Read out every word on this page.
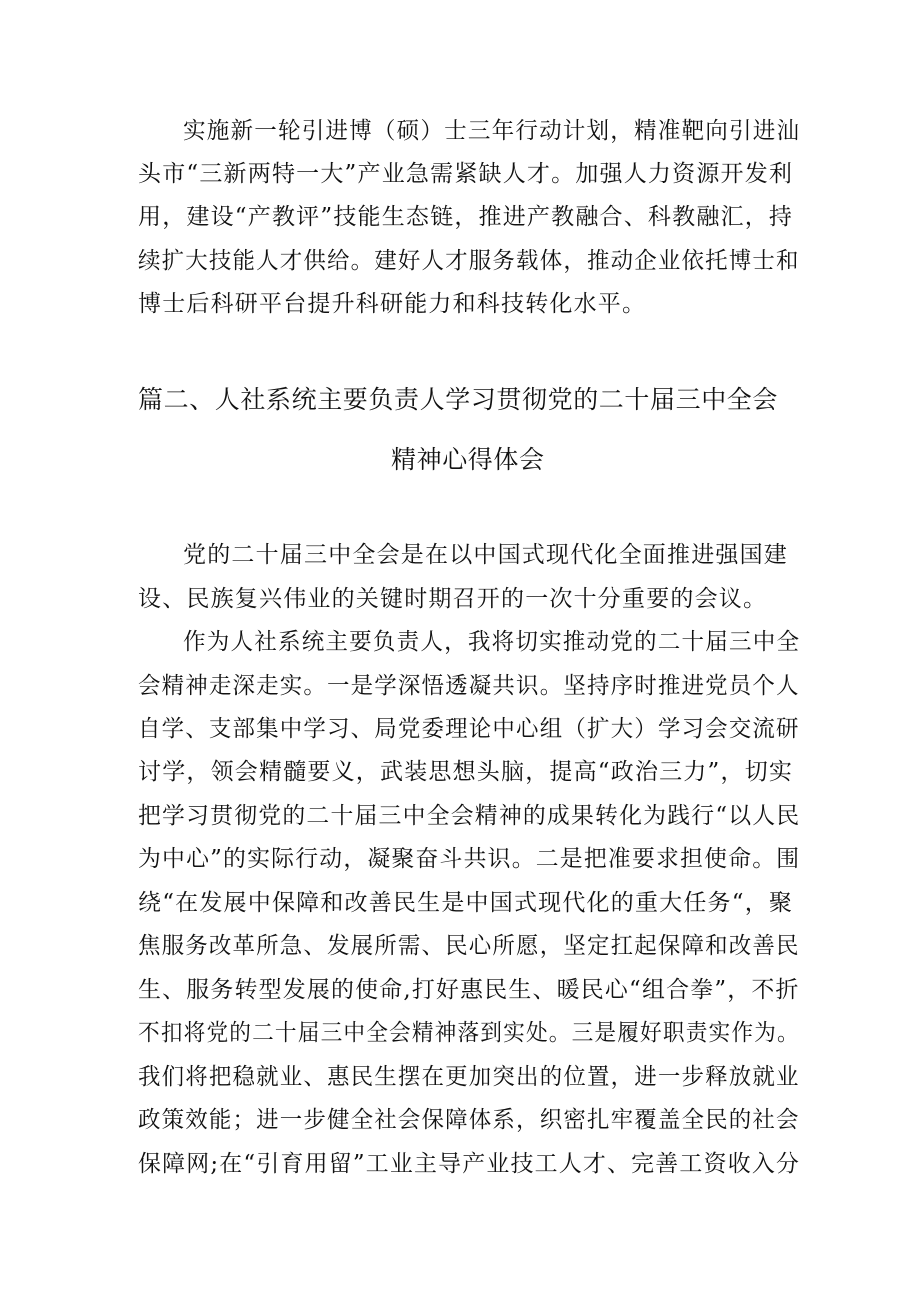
实施新一轮引进博（硕）士三年行动计划，精准靶向引进汕
头市“三新两特一大”产业急需紧缺人才。加强人力资源开发利
用，建设“产教评”技能生态链，推进产教融合、科教融汇，持
续扩大技能人才供给。建好人才服务载体，推动企业依托博士和
博士后科研平台提升科研能力和科技转化水平。
篇二、人社系统主要负责人学习贯彻党的二十届三中全会
精神心得体会
党的二十届三中全会是在以中国式现代化全面推进强国建
设、民族复兴伟业的关键时期召开的一次十分重要的会议。
作为人社系统主要负责人，我将切实推动党的二十届三中全
会精神走深走实。一是学深悟透凝共识。坚持序时推进党员个人
自学、支部集中学习、局党委理论中心组（扩大）学习会交流研
讨学，领会精髓要义，武装思想头脑，提高“政治三力”，切实
把学习贯彻党的二十届三中全会精神的成果转化为践行“以人民
为中心”的实际行动，凝聚奋斗共识。二是把准要求担使命。围
绕“在发展中保障和改善民生是中国式现代化的重大任务“，聚
焦服务改革所急、发展所需、民心所愿，坚定扛起保障和改善民
生、服务转型发展的使命,打好惠民生、暖民心“组合拳”，不折
不扣将党的二十届三中全会精神落到实处。三是履好职责实作为。
我们将把稳就业、惠民生摆在更加突出的位置，进一步释放就业
政策效能；进一步健全社会保障体系，织密扎牢覆盖全民的社会
保障网;在“引育用留”工业主导产业技工人才、完善工资收入分
